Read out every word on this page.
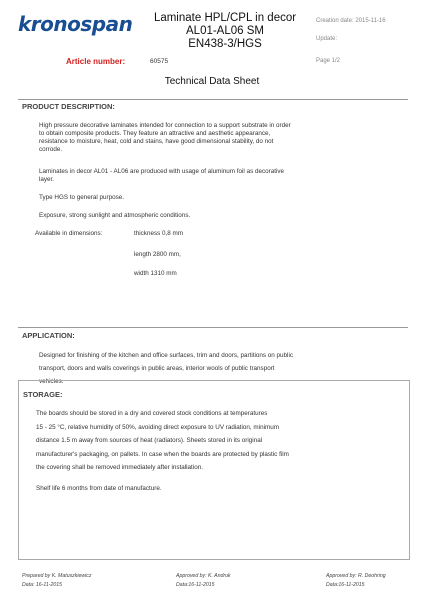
kronospan	Laminate HPL/CPL in decor
AL01-AL06 SM
EN438-3/HGS
Creation date: 2015-11-16
Update:
Page 1/2
Article number:	60575
Technical Data Sheet
PRODUCT DESCRIPTION:
High pressure decorative laminates intended for connection to a support substrate in order
to obtain composite products. They feature an attractive and aesthetic appearance,
resistance to moisture, heat, cold and stains, have good dimensional stability, do not
corrode.
Laminates in decor AL01 - AL06 are produced with usage of aluminum foil as decorative
layer.
Type HGS to general purpose.
Exposure, strong sunlight and atmospheric conditions.
Available in dimensions:	thickness 0,8 mm
length 2800 mm,
width 1310 mm
APPLICATION:
Designed for finishing of the kitchen and office surfaces, trim and doors, partitions on public
transport, doors and walls coverings in public areas, interior wools of public transport
vehicles.
STORAGE:
The boards should be stored in a dry and covered stock conditions at temperatures
15 - 25 °C, relative humidity of 50%, avoiding direct exposure to UV radiation, minimum
distance 1.5 m away from sources of heat (radiators). Sheets stored in its original
manufacturer's packaging, on pallets. In case when the boards are protected by plastic film
the covering shall be removed immediately after installation.
Shelf life 6 months from date of manufacture.
Prepared by K. Matuszkiewicz
Data: 16-11-2015
Approved by: K. Andruk
Data:16-11-2015
Approved by: R. Deohring
Data:16-11-2015
